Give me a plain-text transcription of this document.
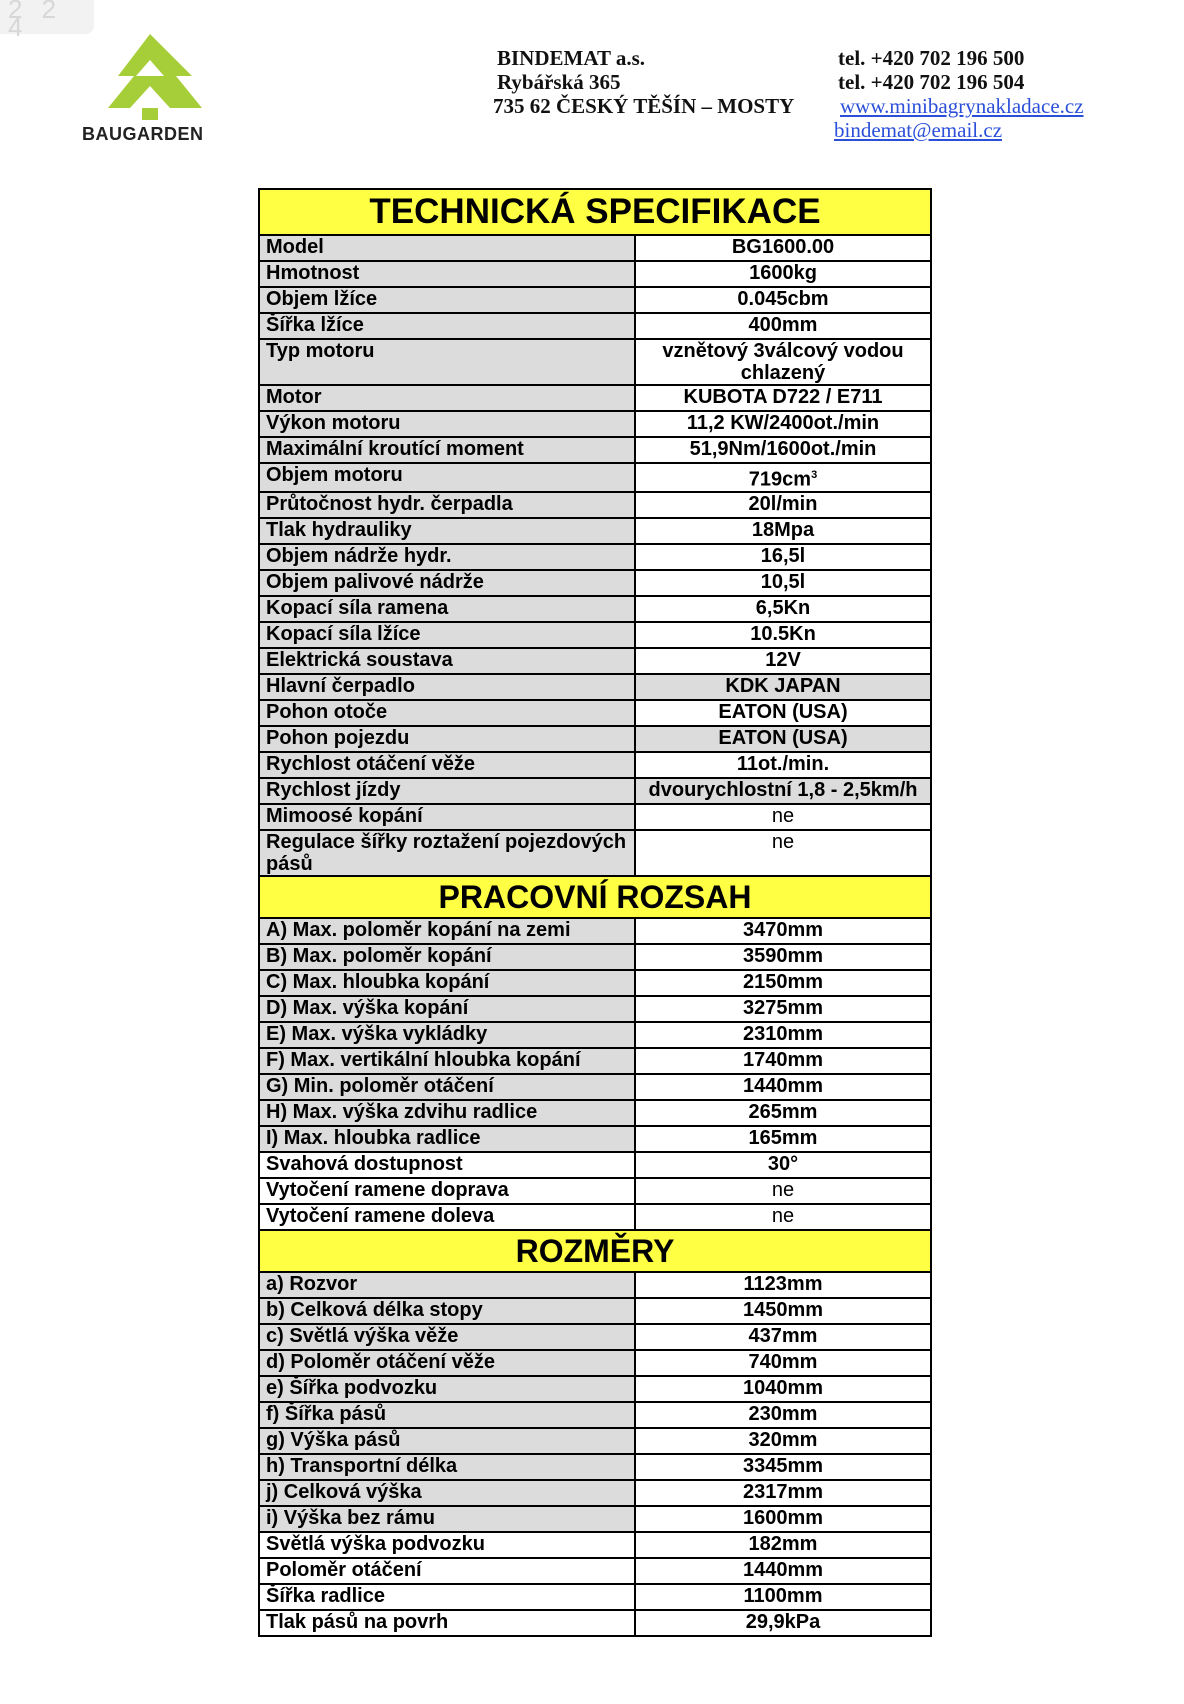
2 2 4
BAUGARDEN
BINDEMAT a.s.
Rybářská 365
735 62 ČESKÝ TĚŠÍN – MOSTY
tel. +420 702 196 500
tel. +420 702 196 504
www.minibagrynakladace.cz
bindemat@email.cz
TECHNICKÁ SPECIFIKACE	
Model	BG1600.00
Hmotnost	1600kg
Objem lžíce	0.045cbm
Šířka lžíce	400mm
Typ motoru	vznětový 3válcový vodou chlazený
Motor	KUBOTA D722 / E711
Výkon motoru	11,2 KW/2400ot./min
Maximální kroutící moment	51,9Nm/1600ot./min
Objem motoru	$719cm^3$
Průtočnost hydr. čerpadla	20l/min
Tlak hydrauliky	18Mpa
Objem nádrže hydr.	16,5l
Objem palivové nádrže	10,5l
Kopací síla ramena	6,5Kn
Kopací síla lžíce	10.5Kn
Elektrická soustava	12V
Hlavní čerpadlo	KDK JAPAN
Pohon otoče	EATON (USA)
Pohon pojezdu	EATON (USA)
Rychlost otáčení věže	11ot./min.
Rychlost jízdy	dvourychlostní 1,8 - 2,5km/h
Mimoosé kopání	ne
Regulace šířky roztažení pojezdových pásů	ne
PRACOVNÍ ROZSAH	
A) Max. poloměr kopání na zemi	3470mm
B) Max. poloměr kopání	3590mm
C) Max. hloubka kopání	2150mm
D) Max. výška kopání	3275mm
E) Max. výška vykládky	2310mm
F) Max. vertikální hloubka kopání	1740mm
G) Min. poloměr otáčení	1440mm
H) Max. výška zdvihu radlice	265mm
I) Max. hloubka radlice	165mm
Svahová dostupnost	30°
Vytočení ramene doprava	ne
Vytočení ramene doleva	ne
ROZMĚRY	
a) Rozvor	1123mm
b) Celková délka stopy	1450mm
c) Světlá výška věže	437mm
d) Poloměr otáčení věže	740mm
e) Šířka podvozku	1040mm
f) Šířka pásů	230mm
g) Výška pásů	320mm
h) Transportní délka	3345mm
j) Celková výška	2317mm
i) Výška bez rámu	1600mm
Světlá výška podvozku	182mm
Poloměr otáčení	1440mm
Šířka radlice	1100mm
Tlak pásů na povrh	29,9kPa
